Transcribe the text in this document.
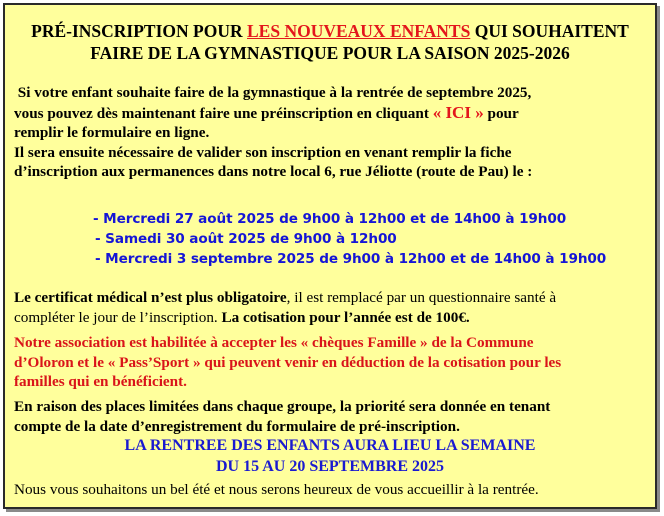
PRÉ-INSCRIPTION POUR LES NOUVEAUX ENFANTS QUI SOUHAITENT
FAIRE DE LA GYMNASTIQUE POUR LA SAISON 2025-2026
Si votre enfant souhaite faire de la gymnastique à la rentrée de septembre 2025,
vous pouvez dès maintenant faire une préinscription en cliquant « ICI » pour
remplir le formulaire en ligne.
Il sera ensuite nécessaire de valider son inscription en venant remplir la fiche
d’inscription aux permanences dans notre local 6, rue Jéliotte (route de Pau) le :
- Mercredi 27 août 2025 de 9h00 à 12h00 et de 14h00 à 19h00
- Samedi 30 août 2025 de 9h00 à 12h00
- Mercredi 3 septembre 2025 de 9h00 à 12h00 et de 14h00 à 19h00
Le certificat médical n’est plus obligatoire, il est remplacé par un questionnaire santé à
compléter le jour de l’inscription. La cotisation pour l’année est de 100€.
Notre association est habilitée à accepter les « chèques Famille » de la Commune
d’Oloron et le « Pass’Sport » qui peuvent venir en déduction de la cotisation pour les
familles qui en bénéficient.
En raison des places limitées dans chaque groupe, la priorité sera donnée en tenant
compte de la date d’enregistrement du formulaire de pré-inscription.
LA RENTREE DES ENFANTS AURA LIEU LA SEMAINE
DU 15 AU 20 SEPTEMBRE 2025
Nous vous souhaitons un bel été et nous serons heureux de vous accueillir à la rentrée.
